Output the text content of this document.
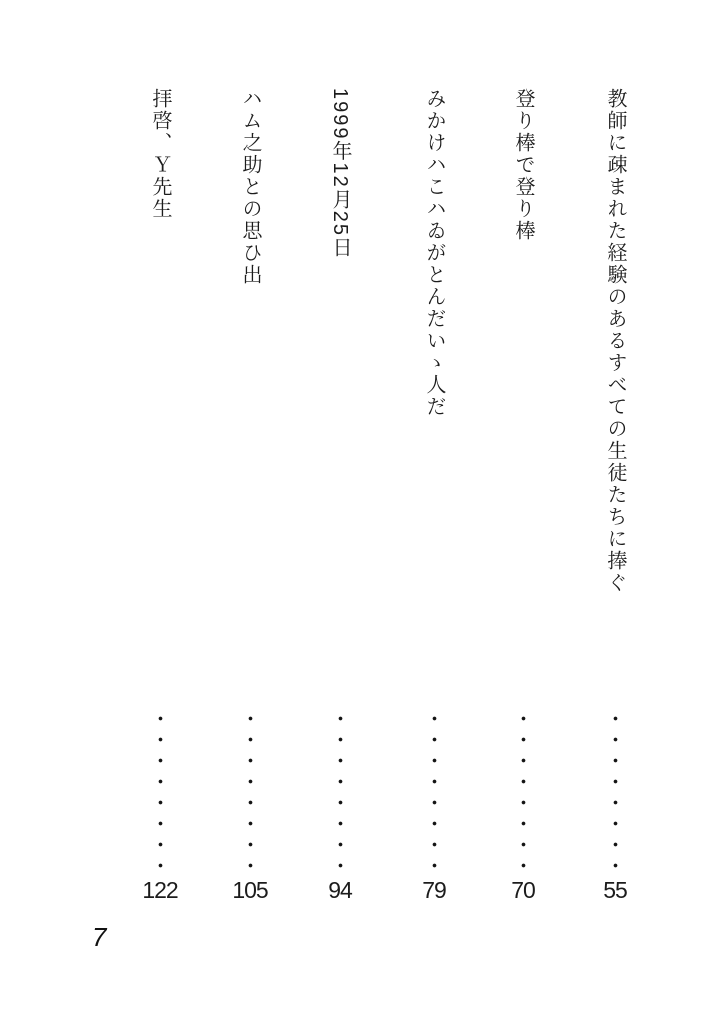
教師に疎まれた経験のあるすべての生徒たちに捧ぐ
55
登り棒で登り棒
70
みかけハこハゐがとんだいゝ人だ
79
1999年12月25日
94
ハム之助との思ひ出
105
拝啓、Ｙ先生
122
7
